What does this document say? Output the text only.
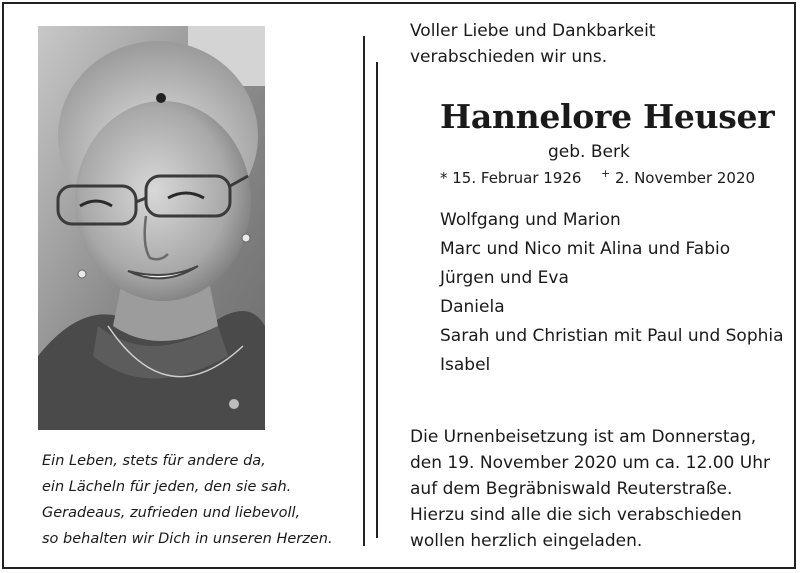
Ein Leben, stets für andere da,
ein Lächeln für jeden, den sie sah.
Geradeaus, zufrieden und liebevoll,
so behalten wir Dich in unseren Herzen.
Voller Liebe und Dankbarkeit
verabschieden wir uns.
Hannelore Heuser
geb. Berk
* 15. Februar 1926 + 2. November 2020
Wolfgang und Marion
Marc und Nico mit Alina und Fabio
Jürgen und Eva
Daniela
Sarah und Christian mit Paul und Sophia
Isabel
Die Urnenbeisetzung ist am Donnerstag,
den 19. November 2020 um ca. 12.00 Uhr
auf dem Begräbniswald Reuterstraße.
Hierzu sind alle die sich verabschieden
wollen herzlich eingeladen.
